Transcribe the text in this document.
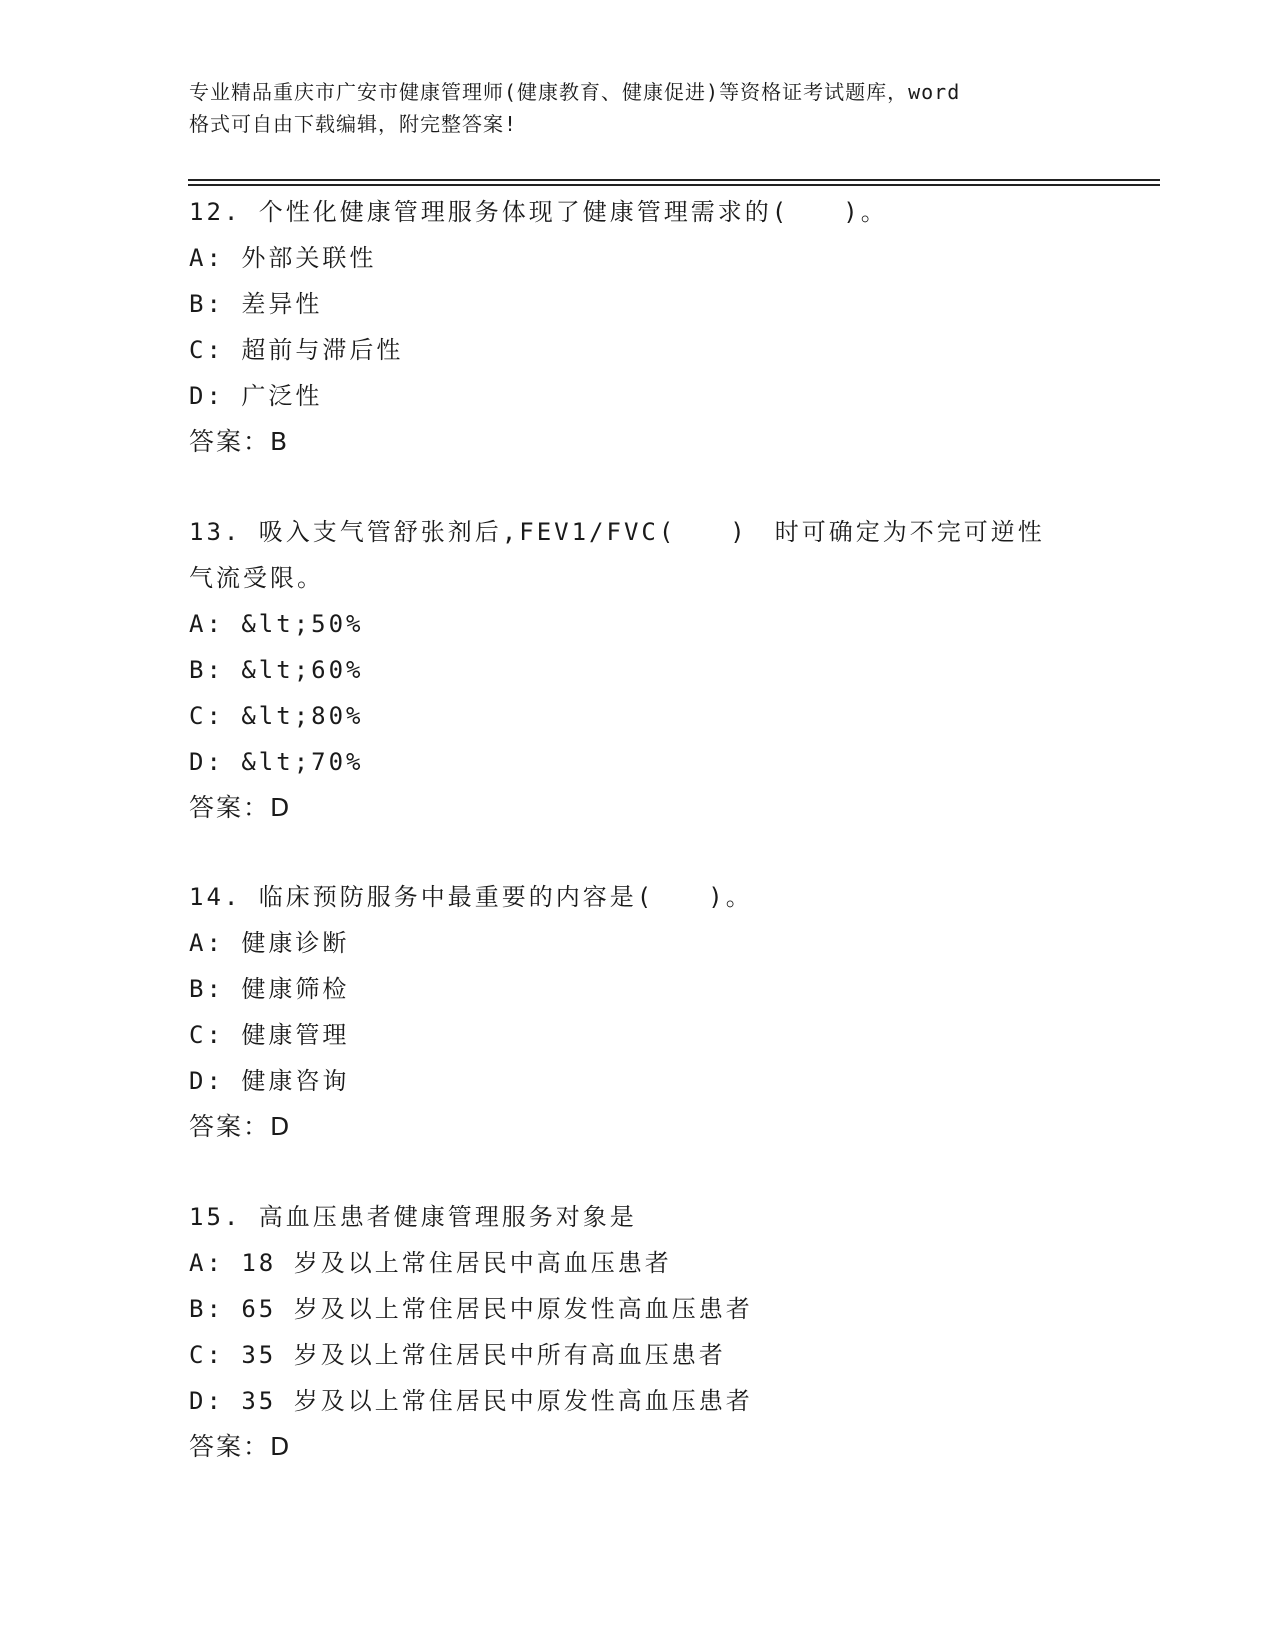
专业精品重庆市广安市健康管理师(健康教育、健康促进)等资格证考试题库，word
格式可自由下载编辑，附完整答案!
12. 个性化健康管理服务体现了健康管理需求的(　　)。
A: 外部关联性
B: 差异性
C: 超前与滞后性
D: 广泛性
答案：B
13. 吸入支气管舒张剂后,FEV1/FVC(　　)　时可确定为不完可逆性
气流受限。
A: &lt;50%
B: &lt;60%
C: &lt;80%
D: &lt;70%
答案：D
14. 临床预防服务中最重要的内容是(　　)。
A: 健康诊断
B: 健康筛检
C: 健康管理
D: 健康咨询
答案：D
15. 高血压患者健康管理服务对象是
A: 18 岁及以上常住居民中高血压患者
B: 65 岁及以上常住居民中原发性高血压患者
C: 35 岁及以上常住居民中所有高血压患者
D: 35 岁及以上常住居民中原发性高血压患者
答案：D
